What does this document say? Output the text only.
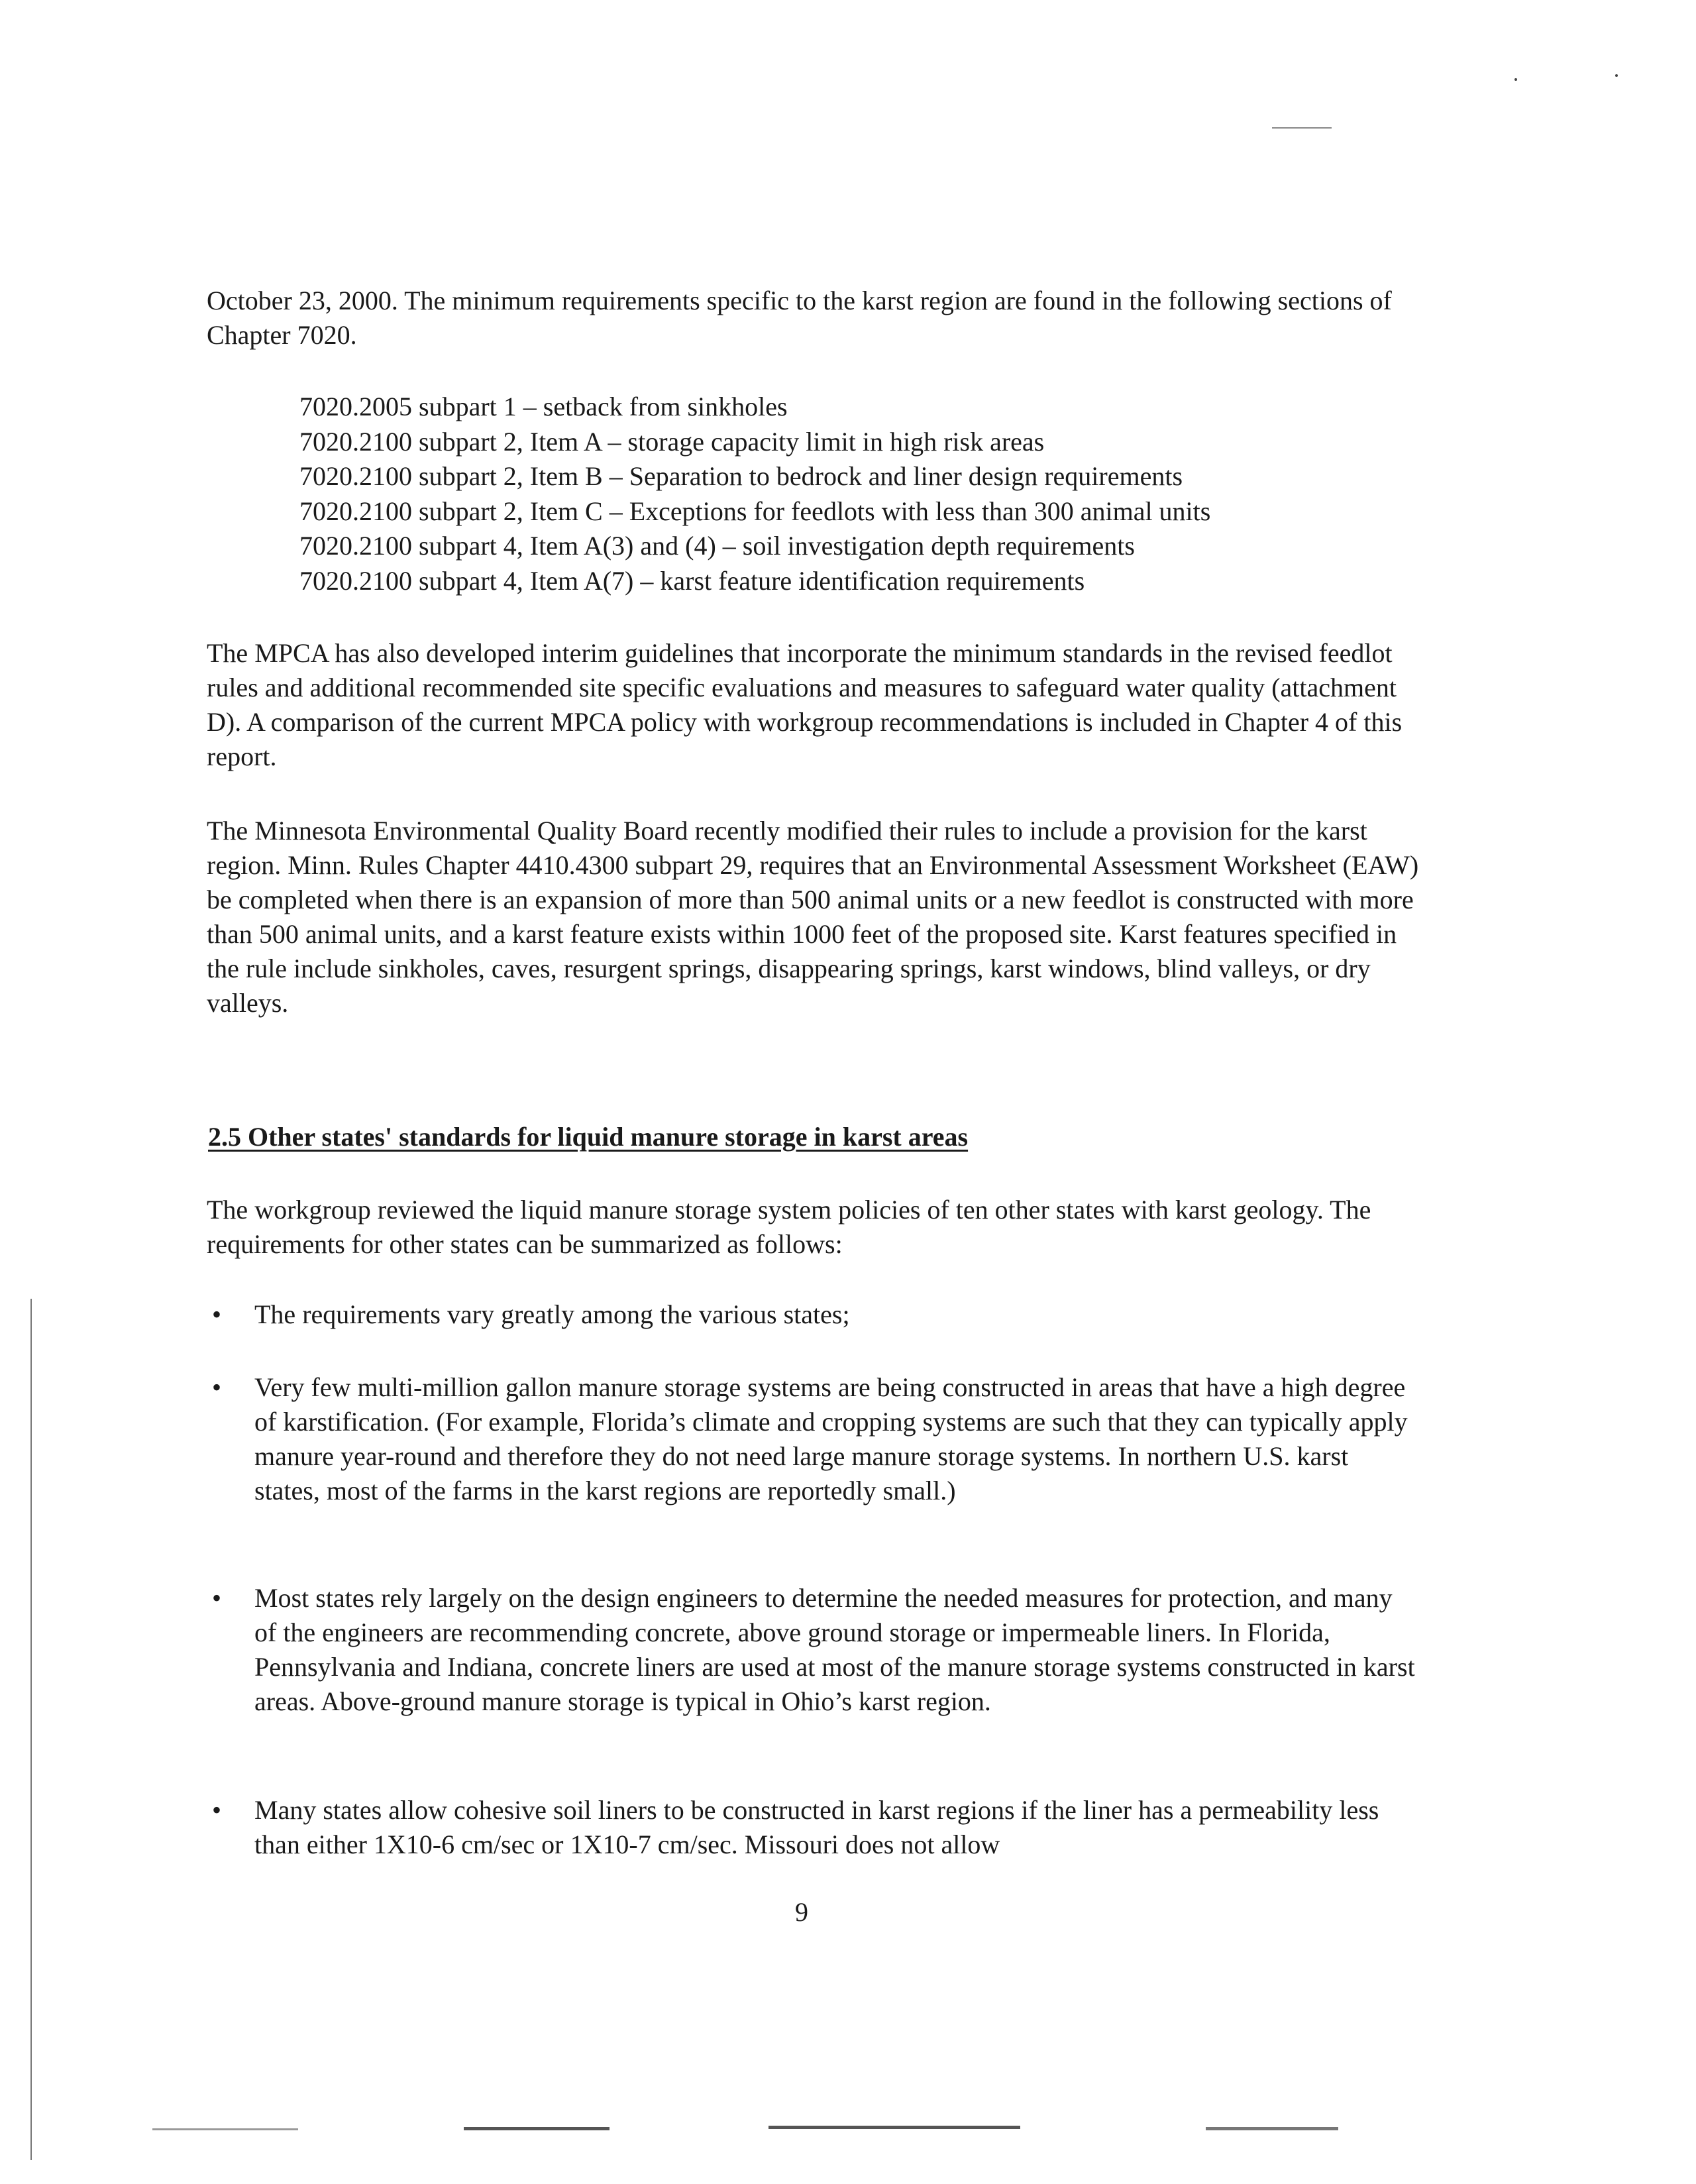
October 23, 2000. The minimum requirements specific to the karst region are found in the following sections of Chapter 7020.

7020.2005 subpart 1 – setback from sinkholes
7020.2100 subpart 2, Item A – storage capacity limit in high risk areas
7020.2100 subpart 2, Item B – Separation to bedrock and liner design requirements
7020.2100 subpart 2, Item C – Exceptions for feedlots with less than 300 animal units
7020.2100 subpart 4, Item A(3) and (4) – soil investigation depth requirements
7020.2100 subpart 4, Item A(7) – karst feature identification requirements

The MPCA has also developed interim guidelines that incorporate the minimum standards in the revised feedlot rules and additional recommended site specific evaluations and measures to safeguard water quality (attachment D). A comparison of the current MPCA policy with workgroup recommendations is included in Chapter 4 of this report.

The Minnesota Environmental Quality Board recently modified their rules to include a provision for the karst region. Minn. Rules Chapter 4410.4300 subpart 29, requires that an Environmental Assessment Worksheet (EAW) be completed when there is an expansion of more than 500 animal units or a new feedlot is constructed with more than 500 animal units, and a karst feature exists within 1000 feet of the proposed site. Karst features specified in the rule include sinkholes, caves, resurgent springs, disappearing springs, karst windows, blind valleys, or dry valleys.

2.5 Other states' standards for liquid manure storage in karst areas

The workgroup reviewed the liquid manure storage system policies of ten other states with karst geology. The requirements for other states can be summarized as follows:

• The requirements vary greatly among the various states;
• Very few multi-million gallon manure storage systems are being constructed in areas that have a high degree of karstification. (For example, Florida’s climate and cropping systems are such that they can typically apply manure year-round and therefore they do not need large manure storage systems. In northern U.S. karst states, most of the farms in the karst regions are reportedly small.)
• Most states rely largely on the design engineers to determine the needed measures for protection, and many of the engineers are recommending concrete, above ground storage or impermeable liners. In Florida, Pennsylvania and Indiana, concrete liners are used at most of the manure storage systems constructed in karst areas. Above-ground manure storage is typical in Ohio’s karst region.
• Many states allow cohesive soil liners to be constructed in karst regions if the liner has a permeability less than either 1X10-6 cm/sec or 1X10-7 cm/sec. Missouri does not allow
9
